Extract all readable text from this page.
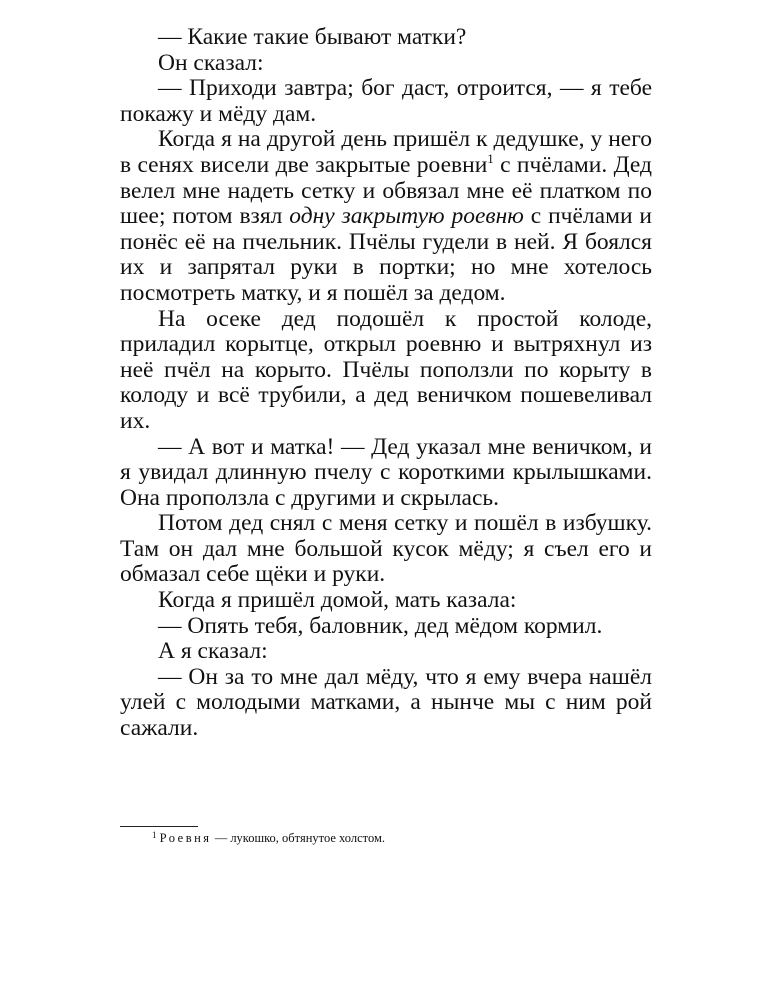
— Какие такие бывают матки?

Он сказал:

— Приходи завтра; бог даст, отроится, — я тебе покажу и мёду дам.

Когда я на другой день пришёл к дедушке, у него в сенях висели две закрытые роевни$^1$ с пчёлами. Дед велел мне надеть сетку и обвязал мне её платком по шее; потом взял одну закрытую роевню с пчёлами и понёс её на пчельник. Пчёлы гудели в ней. Я боялся их и запрятал руки в портки; но мне хотелось посмотреть матку, и я пошёл за дедом.

На осеке дед подошёл к простой колоде, приладил корытце, открыл роевню и вытряхнул из неё пчёл на корыто. Пчёлы поползли по корыту в колоду и всё трубили, а дед веничком пошевеливал их.

— А вот и матка! — Дед указал мне веничком, и я увидал длинную пчелу с короткими крылышками. Она проползла с другими и скрылась.

Потом дед снял с меня сетку и пошёл в избушку. Там он дал мне большой кусок мёду; я съел его и обмазал себе щёки и руки.

Когда я пришёл домой, мать казала:

— Опять тебя, баловник, дед мёдом кормил.

А я сказал:

— Он за то мне дал мёду, что я ему вчера нашёл улей с молодыми матками, а нынче мы с ним рой сажали.

$^1$ Роевня — лукошко, обтянутое холстом.
